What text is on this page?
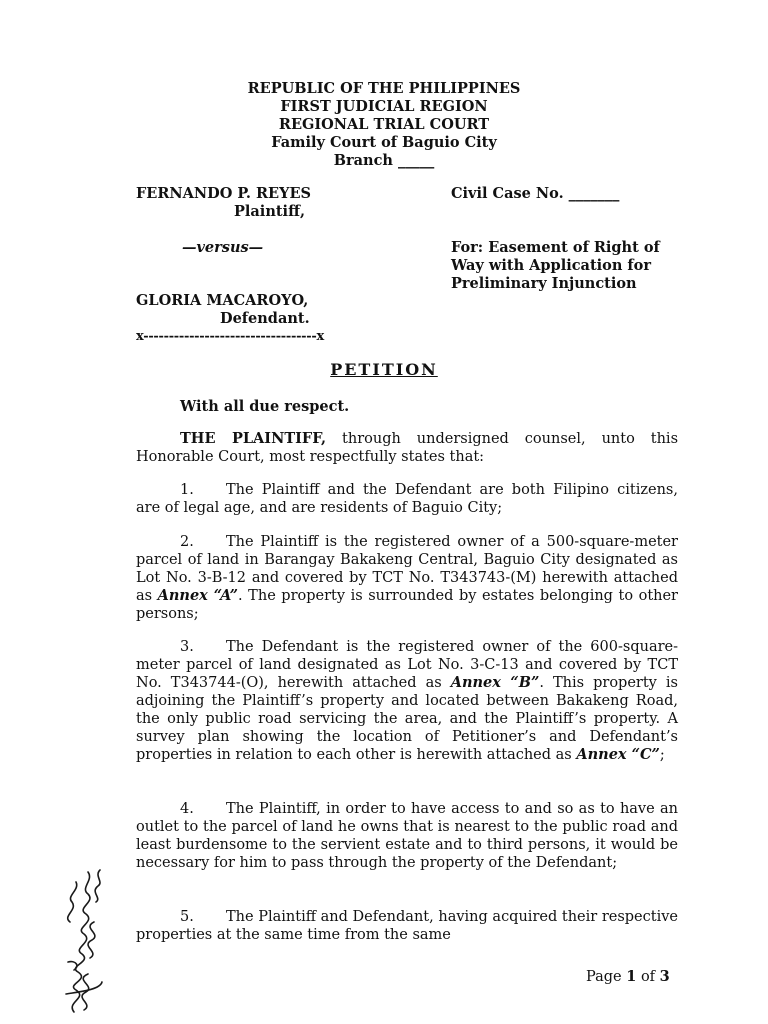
REPUBLIC OF THE PHILIPPINES
FIRST JUDICIAL REGION
REGIONAL TRIAL COURT
Family Court of Baguio City
Branch _____
FERNANDO P. REYES
Plaintiff,
—versus—
GLORIA MACAROYO,
Defendant.
x----------------------------------x
Civil Case No. _______
For: Easement of Right of
Way with Application for
Preliminary Injunction
PETITION
With all due respect.
THE PLAINTIFF, through undersigned counsel, unto this Honorable Court, most respectfully states that:
1. The Plaintiff and the Defendant are both Filipino citizens, are of legal age, and are residents of Baguio City;
2. The Plaintiff is the registered owner of a 500-square-meter parcel of land in Barangay Bakakeng Central, Baguio City designated as Lot No. 3-B-12 and covered by TCT No. T343743-(M) herewith attached as Annex “A”. The property is surrounded by estates belonging to other persons;
3. The Defendant is the registered owner of the 600-square-meter parcel of land designated as Lot No. 3-C-13 and covered by TCT No. T343744-(O), herewith attached as Annex “B”. This property is adjoining the Plaintiff’s property and located between Bakakeng Road, the only public road servicing the area, and the Plaintiff’s property. A survey plan showing the location of Petitioner’s and Defendant’s properties in relation to each other is herewith attached as Annex “C”;
4. The Plaintiff, in order to have access to and so as to have an outlet to the parcel of land he owns that is nearest to the public road and least burdensome to the servient estate and to third persons, it would be necessary for him to pass through the property of the Defendant;
5. The Plaintiff and Defendant, having acquired their respective properties at the same time from the same
Page 1 of 3
